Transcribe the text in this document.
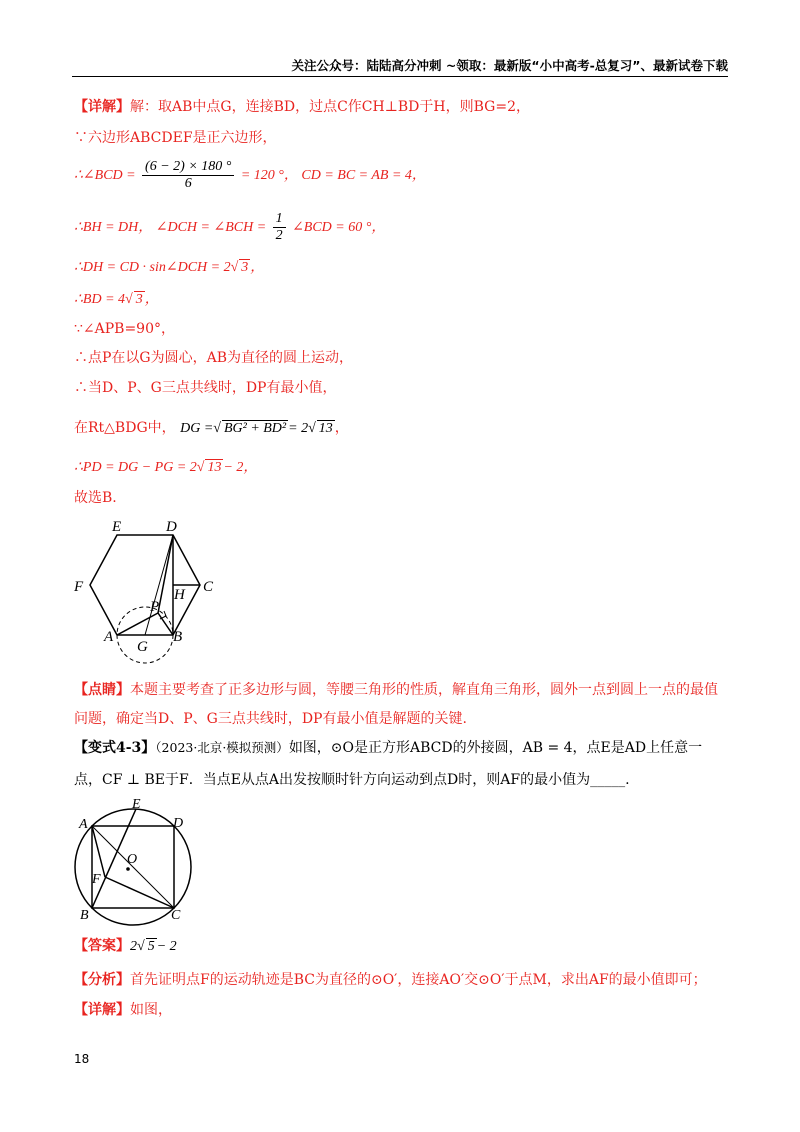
关注公众号：陆陆高分冲刺 ~领取：最新版“小中高考-总复习”、最新试卷下载
【详解】解：取AB中点G，连接BD，过点C作CH⊥BD于H，则BG=2，
∵六边形ABCDEF是正六边形，
∴∠BCD = $\frac{(6 - 2) \times 180 ^\circ}{6} = 120$ °， CD = BC = AB = 4，
∴BH = DH， ∠DCH = ∠BCH = $\frac{1}{2}$ ∠BCD = 60 °，
∴DH = CD · sin∠DCH = 2√ 3 ，
∴BD = 4√ 3 ，
∵∠APB=90°，
∴点P在以G为圆心，AB为直径的圆上运动，
∴当D、P、G三点共线时，DP有最小值，
在Rt△BDG中， DG =√ BG² + BD² = 2√ 13 ，
∴PD = DG − PG = 2√ 13 − 2，
故选B.
E	D
F	C
P
H
A
G
B
【点睛】本题主要考查了正多边形与圆，等腰三角形的性质，解直角三角形，圆外一点到圆上一点的最值
问题，确定当D、P、G三点共线时，DP有最小值是解题的关键.
【变式4-3】（2023·北京·模拟预测）如图，⊙O是正方形ABCD的外接圆，AB = 4，点E是AD上任意一
点，CF ⊥ BE于F．当点E从点A出发按顺时针方向运动到点D时，则AF的最小值为_____.
E
A	D
O
F
B	C
【答案】2√ 5 − 2
【分析】首先证明点F的运动轨迹是BC为直径的⊙O′，连接AO′交⊙O′于点M，求出AF的最小值即可；
【详解】如图，
18
